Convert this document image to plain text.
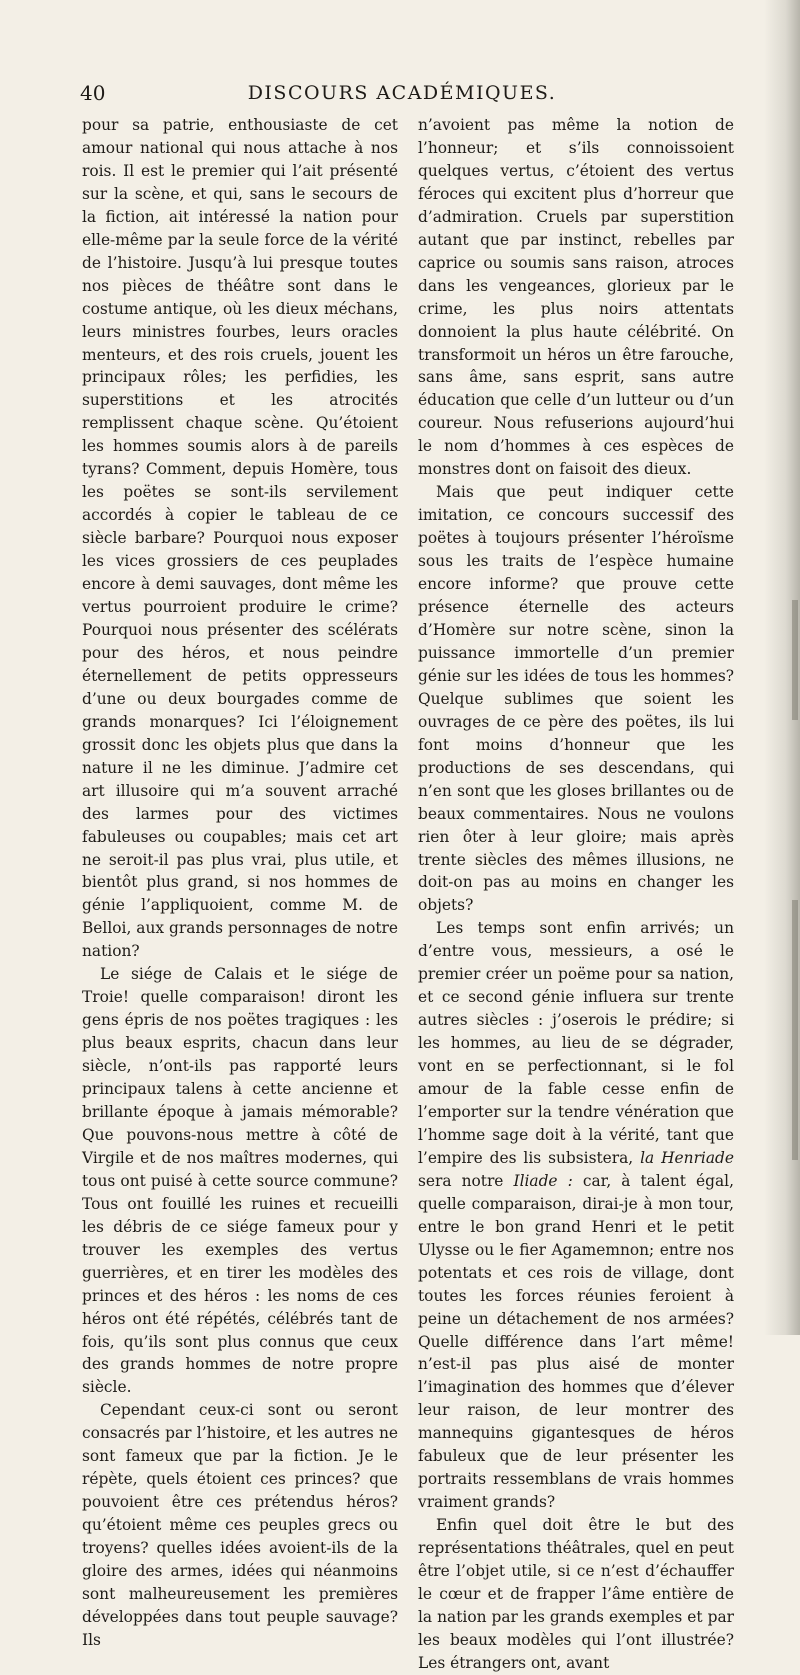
40	DISCOURS ACADÉMIQUES.

pour sa patrie, enthousiaste de cet amour national qui nous attache à nos rois. Il est le premier qui l’ait présenté sur la scène, et qui, sans le secours de la fiction, ait intéressé la nation pour elle-même par la seule force de la vérité de l’histoire. Jusqu’à lui presque toutes nos pièces de théâtre sont dans le costume antique, où les dieux méchans, leurs ministres fourbes, leurs oracles menteurs, et des rois cruels, jouent les principaux rôles; les perfidies, les superstitions et les atrocités remplissent chaque scène. Qu’étoient les hommes soumis alors à de pareils tyrans? Comment, depuis Homère, tous les poëtes se sont-ils servilement accordés à copier le tableau de ce siècle barbare? Pourquoi nous exposer les vices grossiers de ces peuplades encore à demi sauvages, dont même les vertus pourroient produire le crime? Pourquoi nous présenter des scélérats pour des héros, et nous peindre éternellement de petits oppresseurs d’une ou deux bourgades comme de grands monarques? Ici l’éloignement grossit donc les objets plus que dans la nature il ne les diminue. J’admire cet art illusoire qui m’a souvent arraché des larmes pour des victimes fabuleuses ou coupables; mais cet art ne seroit-il pas plus vrai, plus utile, et bientôt plus grand, si nos hommes de génie l’appliquoient, comme M. de Belloi, aux grands personnages de notre nation?

Le siége de Calais et le siége de Troie! quelle comparaison! diront les gens épris de nos poëtes tragiques : les plus beaux esprits, chacun dans leur siècle, n’ont-ils pas rapporté leurs principaux talens à cette ancienne et brillante époque à jamais mémorable? Que pouvons-nous mettre à côté de Virgile et de nos maîtres modernes, qui tous ont puisé à cette source commune? Tous ont fouillé les ruines et recueilli les débris de ce siége fameux pour y trouver les exemples des vertus guerrières, et en tirer les modèles des princes et des héros : les noms de ces héros ont été répétés, célébrés tant de fois, qu’ils sont plus connus que ceux des grands hommes de notre propre siècle.

Cependant ceux-ci sont ou seront consacrés par l’histoire, et les autres ne sont fameux que par la fiction. Je le répète, quels étoient ces princes? que pouvoient être ces prétendus héros? qu’étoient même ces peuples grecs ou troyens? quelles idées avoient-ils de la gloire des armes, idées qui néanmoins sont malheureusement les premières développées dans tout peuple sauvage? Ils

n’avoient pas même la notion de l’honneur; et s’ils connoissoient quelques vertus, c’étoient des vertus féroces qui excitent plus d’horreur que d’admiration. Cruels par superstition autant que par instinct, rebelles par caprice ou soumis sans raison, atroces dans les vengeances, glorieux par le crime, les plus noirs attentats donnoient la plus haute célébrité. On transformoit un héros un être farouche, sans âme, sans esprit, sans autre éducation que celle d’un lutteur ou d’un coureur. Nous refuserions aujourd’hui le nom d’hommes à ces espèces de monstres dont on faisoit des dieux.

Mais que peut indiquer cette imitation, ce concours successif des poëtes à toujours présenter l’héroïsme sous les traits de l’espèce humaine encore informe? que prouve cette présence éternelle des acteurs d’Homère sur notre scène, sinon la puissance immortelle d’un premier génie sur les idées de tous les hommes? Quelque sublimes que soient les ouvrages de ce père des poëtes, ils lui font moins d’honneur que les productions de ses descendans, qui n’en sont que les gloses brillantes ou de beaux commentaires. Nous ne voulons rien ôter à leur gloire; mais après trente siècles des mêmes illusions, ne doit-on pas au moins en changer les objets?

Les temps sont enfin arrivés; un d’entre vous, messieurs, a osé le premier créer un poëme pour sa nation, et ce second génie influera sur trente autres siècles : j’oserois le prédire; si les hommes, au lieu de se dégrader, vont en se perfectionnant, si le fol amour de la fable cesse enfin de l’emporter sur la tendre vénération que l’homme sage doit à la vérité, tant que l’empire des lis subsistera, la Henriade sera notre Iliade : car, à talent égal, quelle comparaison, dirai-je à mon tour, entre le bon grand Henri et le petit Ulysse ou le fier Agamemnon; entre nos potentats et ces rois de village, dont toutes les forces réunies feroient à peine un détachement de nos armées? Quelle différence dans l’art même! n’est-il pas plus aisé de monter l’imagination des hommes que d’élever leur raison, de leur montrer des mannequins gigantesques de héros fabuleux que de leur présenter les portraits ressemblans de vrais hommes vraiment grands?

Enfin quel doit être le but des représentations théâtrales, quel en peut être l’objet utile, si ce n’est d’échauffer le cœur et de frapper l’âme entière de la nation par les grands exemples et par les beaux modèles qui l’ont illustrée? Les étrangers ont, avant
